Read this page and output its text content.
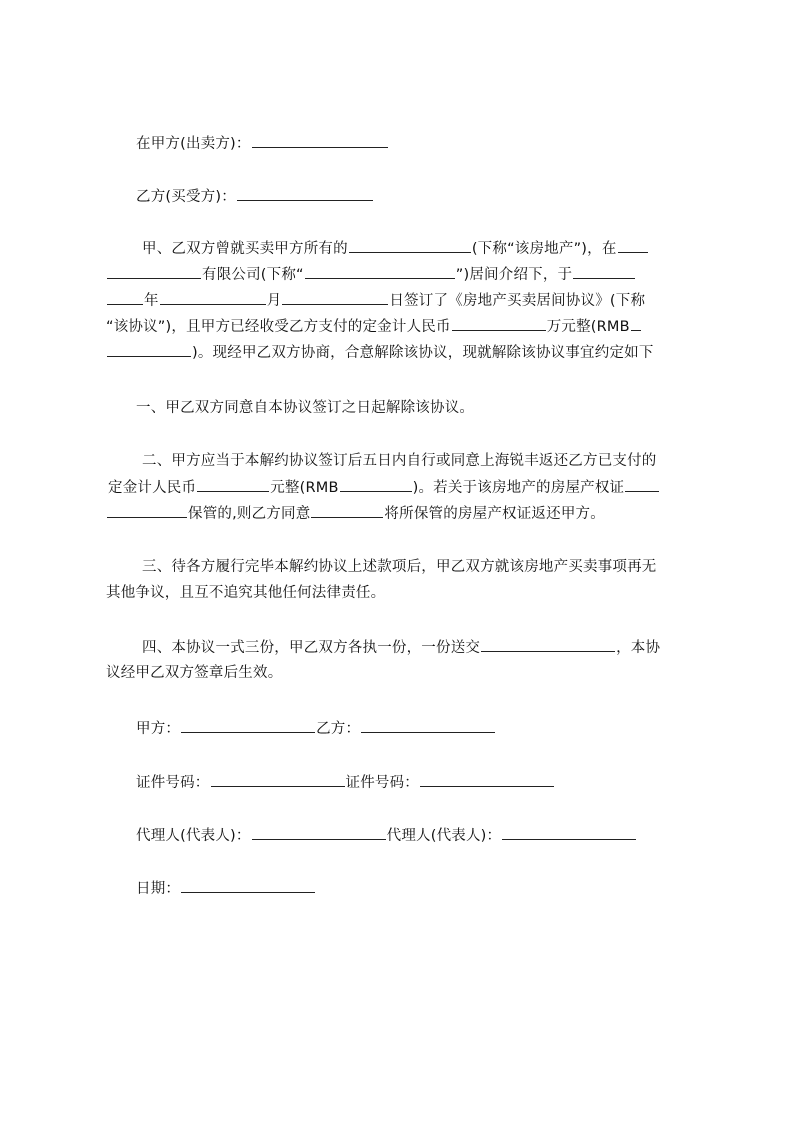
在甲方(出卖方)：
乙方(买受方)：
甲、乙双方曾就买卖甲方所有的	(下称“该房地产”)，在
有限公司(下称“	”)居间介绍下，于
年	月	日签订了《房地产买卖居间协议》(下称
“该协议”)，且甲方已经收受乙方支付的定金计人民币	万元整(RMB
)。现经甲乙双方协商，合意解除该协议，现就解除该协议事宜约定如下
一、甲乙双方同意自本协议签订之日起解除该协议。
二、甲方应当于本解约协议签订后五日内自行或同意上海锐丰返还乙方已支付的
定金计人民币	元整(RMB	)。若关于该房地产的房屋产权证
保管的,则乙方同意	将所保管的房屋产权证返还甲方。
三、待各方履行完毕本解约协议上述款项后，甲乙双方就该房地产买卖事项再无
其他争议，且互不追究其他任何法律责任。
四、本协议一式三份，甲乙双方各执一份，一份送交	，本协
议经甲乙双方签章后生效。
甲方：	乙方：
证件号码：	证件号码：
代理人(代表人)：	代理人(代表人)：
日期：
